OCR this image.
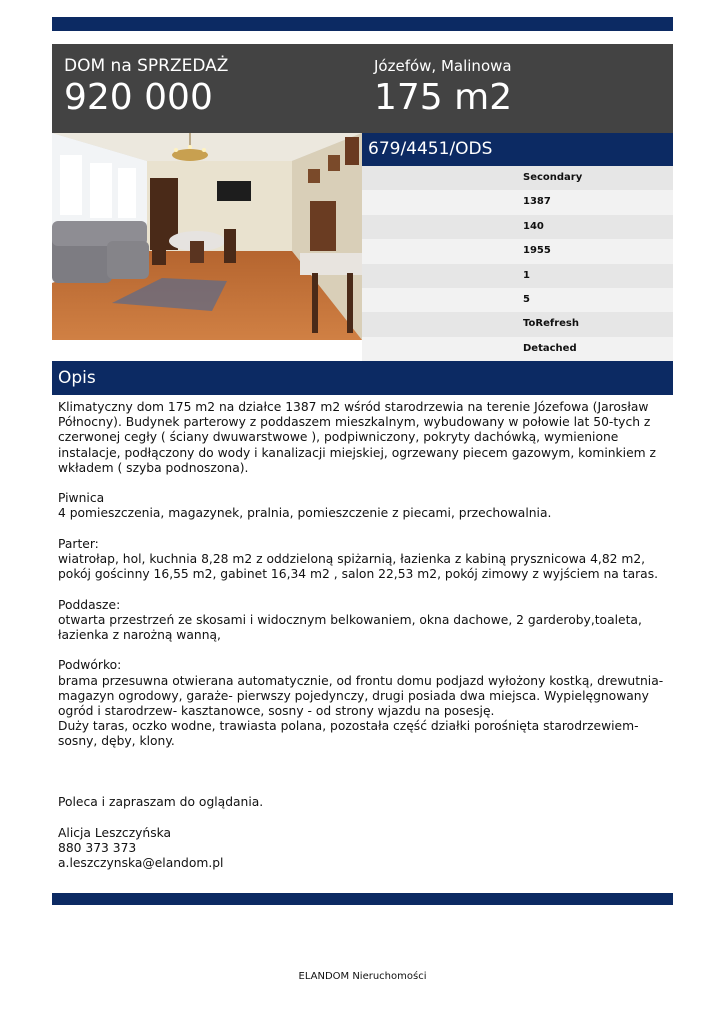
DOM na SPRZEDAŻ
920 000
Józefów, Malinowa
175 m2
679/4451/ODS
Secondary
1387
140
1955
1
5
ToRefresh
Detached
Opis

Klimatyczny dom 175 m2 na działce 1387 m2 wśród starodrzewia na terenie Józefowa (Jarosław Północny). Budynek parterowy z poddaszem mieszkalnym, wybudowany w połowie lat 50-tych z czerwonej cegły ( ściany dwuwarstwowe ), podpiwniczony, pokryty dachówką, wymienione instalacje, podłączony do wody i kanalizacji miejskiej, ogrzewany piecem gazowym, kominkiem z wkładem ( szyba podnoszona).

Piwnica

4 pomieszczenia, magazynek, pralnia, pomieszczenie z piecami, przechowalnia.

Parter:

wiatrołap, hol, kuchnia 8,28 m2 z oddzieloną spiżarnią, łazienka z kabiną prysznicowa 4,82 m2, pokój gościnny 16,55 m2, gabinet 16,34 m2 , salon 22,53 m2, pokój zimowy z wyjściem na taras.

Poddasze:

otwarta przestrzeń ze skosami i widocznym belkowaniem, okna dachowe, 2 garderoby,toaleta, łazienka z narożną wanną,

Podwórko:

brama przesuwna otwierana automatycznie, od frontu domu podjazd wyłożony kostką, drewutnia-magazyn ogrodowy, garaże- pierwszy pojedynczy, drugi posiada dwa miejsca. Wypielęgnowany ogród i starodrzew- kasztanowce, sosny - od strony wjazdu na posesję.

Duży taras, oczko wodne, trawiasta polana, pozostała część działki porośnięta starodrzewiem- sosny, dęby, klony.

Poleca i zapraszam do oglądania.

Alicja Leszczyńska

880 373 373

a.leszczynska@elandom.pl

ELANDOM Nieruchomości
